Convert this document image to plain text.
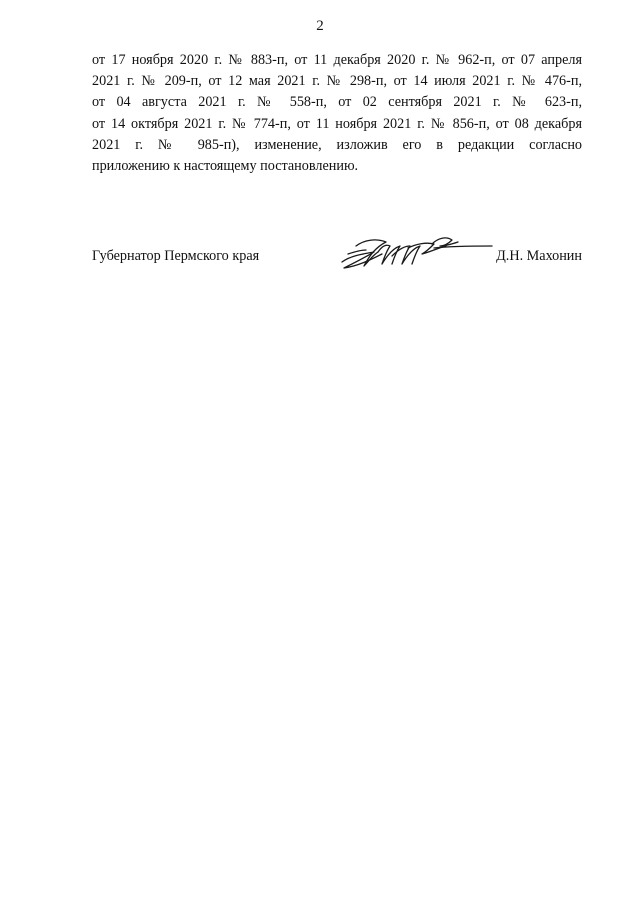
2
от 17 ноября 2020 г. № 883-п, от 11 декабря 2020 г. № 962-п, от 07 апреля
2021 г. № 209-п, от 12 мая 2021 г. № 298-п, от 14 июля 2021 г. № 476-п,
от 04 августа 2021 г. № 558-п, от 02 сентября 2021 г. № 623-п,
от 14 октября 2021 г. № 774-п, от 11 ноября 2021 г. № 856-п, от 08 декабря
2021 г. № 985-п), изменение, изложив его в редакции согласно
приложению к настоящему постановлению.
Губернатор Пермского края	Д.Н. Махонин
